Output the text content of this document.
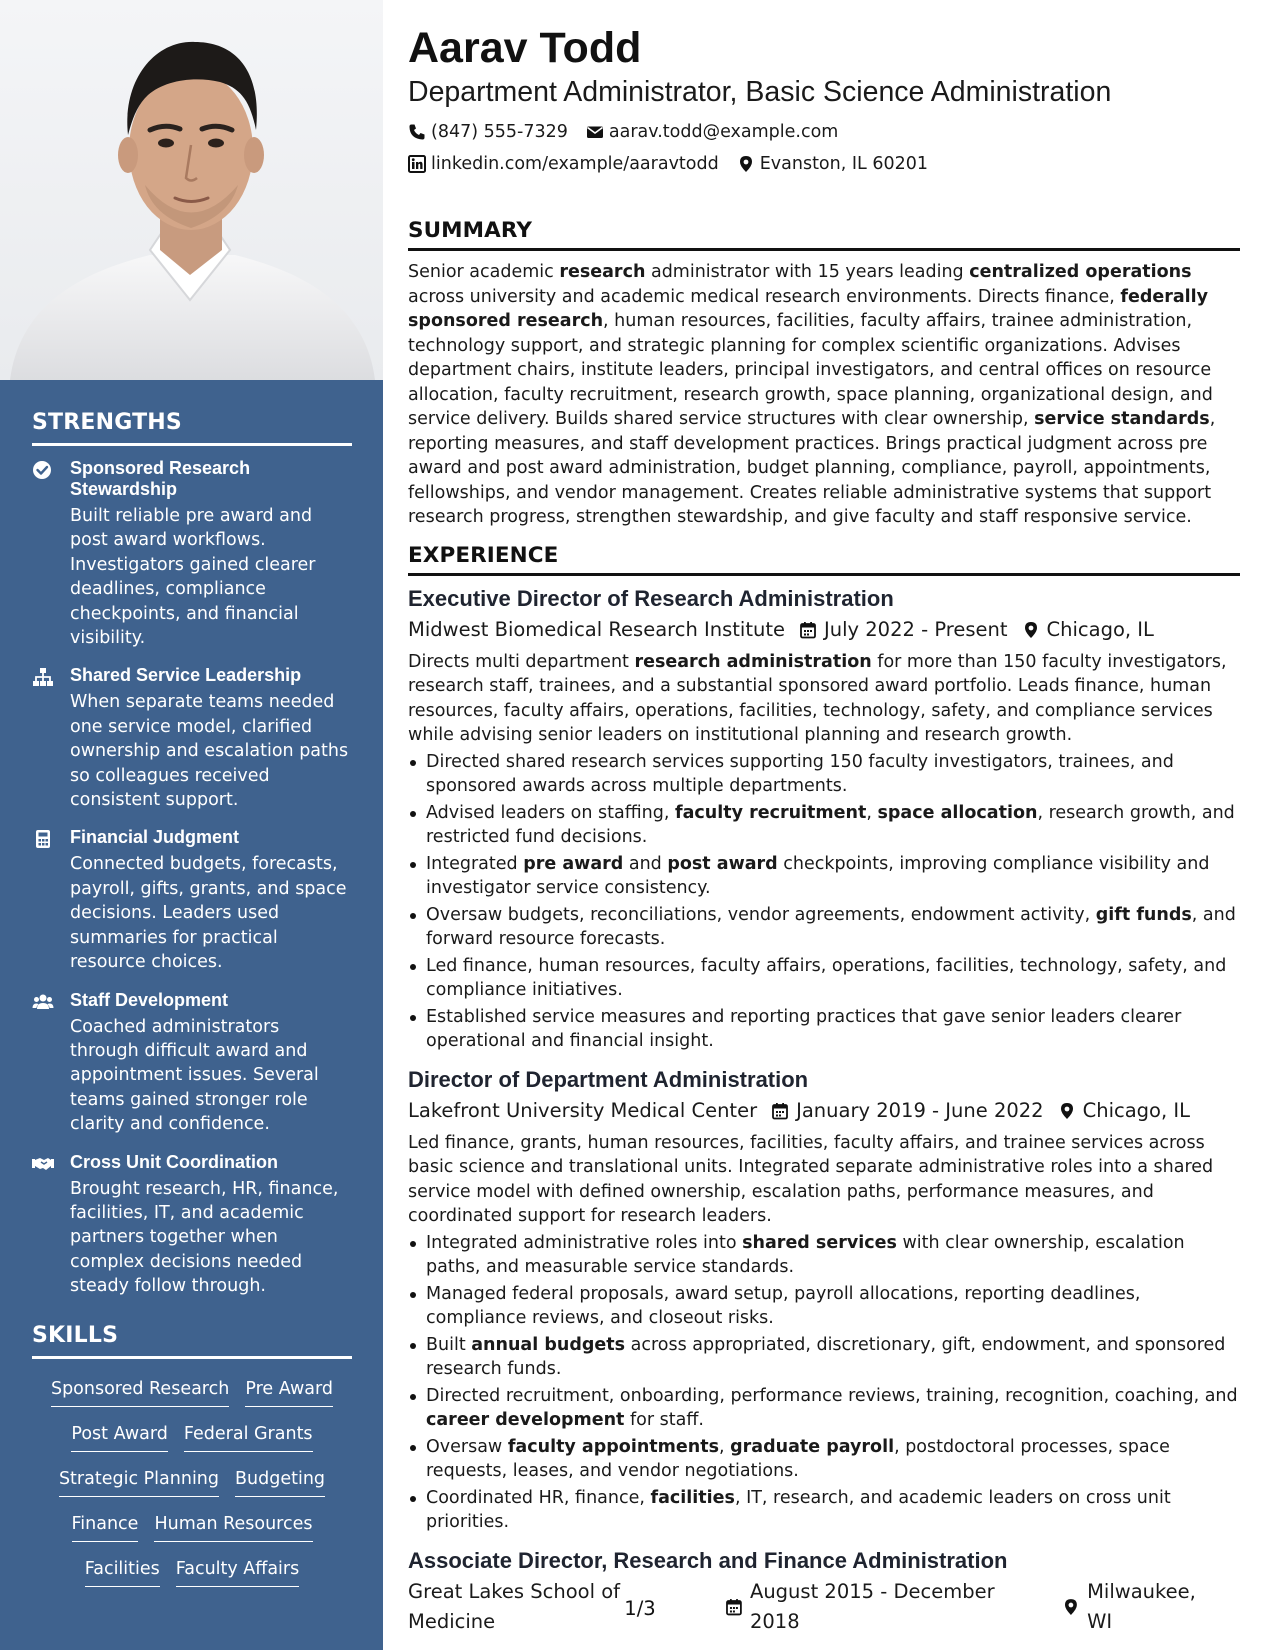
STRENGTHS
Sponsored Research Stewardship
Built reliable pre award and post award workflows. Investigators gained clearer deadlines, compliance checkpoints, and financial visibility.
Shared Service Leadership
When separate teams needed one service model, clarified ownership and escalation paths so colleagues received consistent support.
Financial Judgment
Connected budgets, forecasts, payroll, gifts, grants, and space decisions. Leaders used summaries for practical resource choices.
Staff Development
Coached administrators through difficult award and appointment issues. Several teams gained stronger role clarity and confidence.
Cross Unit Coordination
Brought research, HR, finance, facilities, IT, and academic partners together when complex decisions needed steady follow through.
SKILLS
Sponsored Research Pre Award
Post Award Federal Grants
Strategic Planning Budgeting
Finance Human Resources
Facilities Faculty Affairs
Aarav Todd
Department Administrator, Basic Science Administration
(847) 555-7329 aarav.todd@example.com
linkedin.com/example/aaravtodd Evanston, IL 60201
SUMMARY
Senior academic research administrator with 15 years leading centralized operations across university and academic medical research environments. Directs finance, federally sponsored research, human resources, facilities, faculty affairs, trainee administration, technology support, and strategic planning for complex scientific organizations. Advises department chairs, institute leaders, principal investigators, and central offices on resource allocation, faculty recruitment, research growth, space planning, organizational design, and service delivery. Builds shared service structures with clear ownership, service standards, reporting measures, and staff development practices. Brings practical judgment across pre award and post award administration, budget planning, compliance, payroll, appointments, fellowships, and vendor management. Creates reliable administrative systems that support research progress, strengthen stewardship, and give faculty and staff responsive service.
EXPERIENCE
Executive Director of Research Administration
Midwest Biomedical Research Institute July 2022 - Present Chicago, IL
Directs multi department research administration for more than 150 faculty investigators, research staff, trainees, and a substantial sponsored award portfolio. Leads finance, human resources, faculty affairs, operations, facilities, technology, safety, and compliance services while advising senior leaders on institutional planning and research growth.
Directed shared research services supporting 150 faculty investigators, trainees, and sponsored awards across multiple departments.
Advised leaders on staffing, faculty recruitment, space allocation, research growth, and restricted fund decisions.
Integrated pre award and post award checkpoints, improving compliance visibility and investigator service consistency.
Oversaw budgets, reconciliations, vendor agreements, endowment activity, gift funds, and forward resource forecasts.
Led finance, human resources, faculty affairs, operations, facilities, technology, safety, and compliance initiatives.
Established service measures and reporting practices that gave senior leaders clearer operational and financial insight.
Director of Department Administration
Lakefront University Medical Center January 2019 - June 2022 Chicago, IL
Led finance, grants, human resources, facilities, faculty affairs, and trainee services across basic science and translational units. Integrated separate administrative roles into a shared service model with defined ownership, escalation paths, performance measures, and coordinated support for research leaders.
Integrated administrative roles into shared services with clear ownership, escalation paths, and measurable service standards.
Managed federal proposals, award setup, payroll allocations, reporting deadlines, compliance reviews, and closeout risks.
Built annual budgets across appropriated, discretionary, gift, endowment, and sponsored research funds.
Directed recruitment, onboarding, performance reviews, training, recognition, coaching, and career development for staff.
Oversaw faculty appointments, graduate payroll, postdoctoral processes, space requests, leases, and vendor negotiations.
Coordinated HR, finance, facilities, IT, research, and academic leaders on cross unit priorities.
Associate Director, Research and Finance Administration
Great Lakes School of Medicine
August 2015 - December 2018
Milwaukee, WI
1/3
